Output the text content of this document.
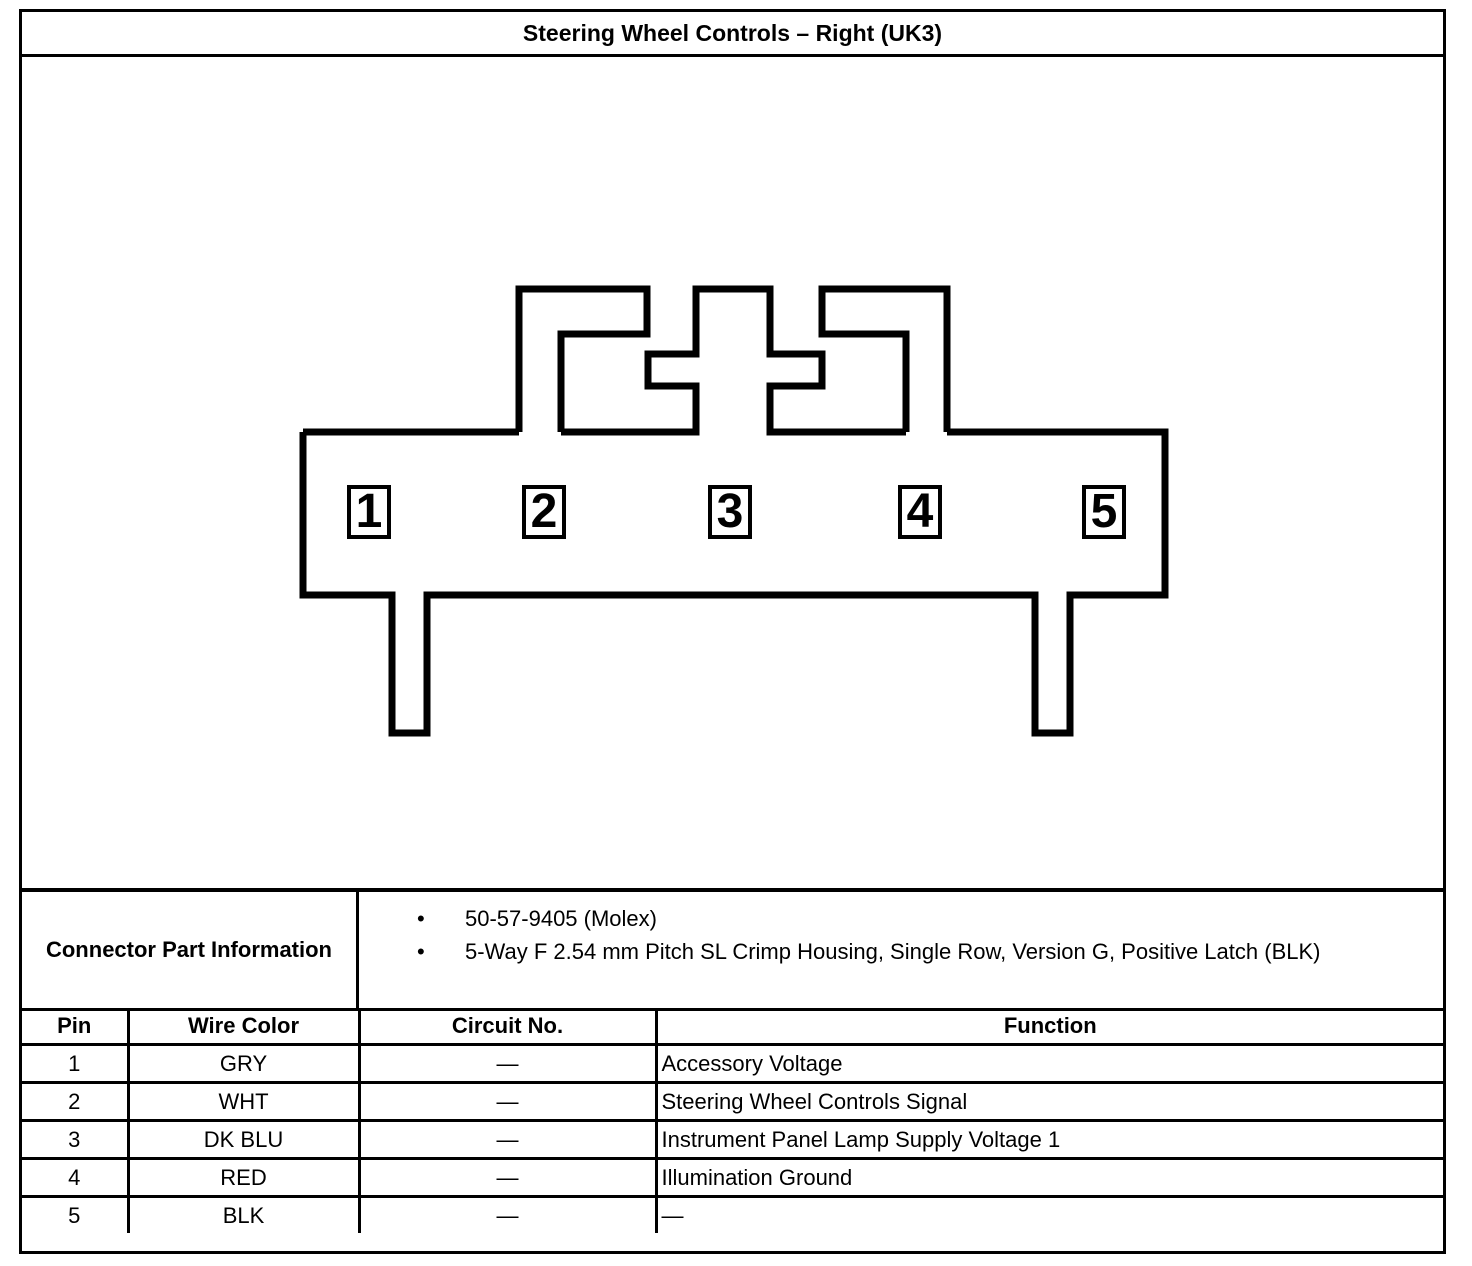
Steering Wheel Controls – Right (UK3)
1	2	3	4	5
Connector Part Information
• 50-57-9405 (Molex)
• 5-Way F 2.54 mm Pitch SL Crimp Housing, Single Row, Version G, Positive Latch (BLK)
Pin	Wire Color	Circuit No.	Function
1	GRY	—	Accessory Voltage
2	WHT	—	Steering Wheel Controls Signal
3	DK BLU	—	Instrument Panel Lamp Supply Voltage 1
4	RED	—	Illumination Ground
5	BLK	—	—
